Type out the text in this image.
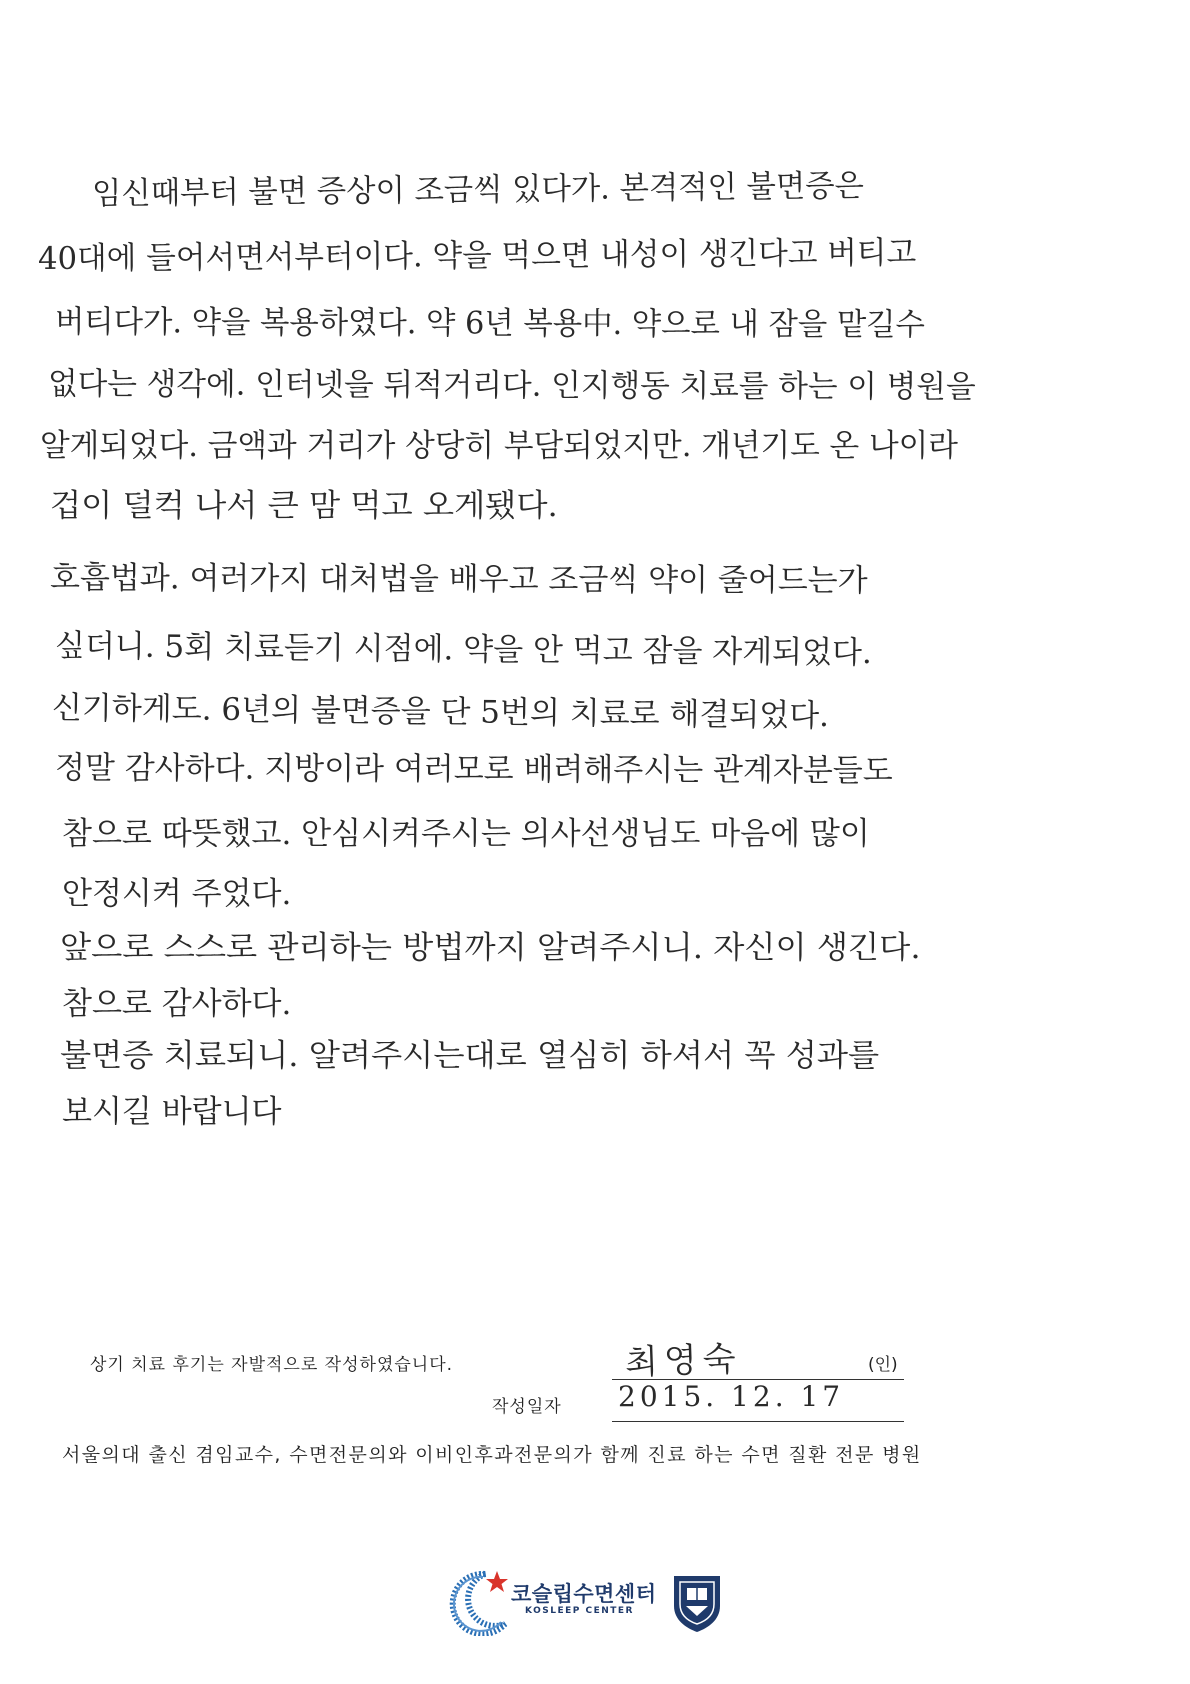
임신때부터 불면 증상이 조금씩 있다가. 본격적인 불면증은
40대에 들어서면서부터이다. 약을 먹으면 내성이 생긴다고 버티고
버티다가. 약을 복용하였다. 약 6년 복용中. 약으로 내 잠을 맡길수
없다는 생각에. 인터넷을 뒤적거리다. 인지행동 치료를 하는 이 병원을
알게되었다. 금액과 거리가 상당히 부담되었지만. 개년기도 온 나이라
겁이 덜컥 나서 큰 맘 먹고 오게됐다.
호흡법과. 여러가지 대처법을 배우고 조금씩 약이 줄어드는가
싶더니. 5회 치료듣기 시점에. 약을 안 먹고 잠을 자게되었다.
신기하게도. 6년의 불면증을 단 5번의 치료로 해결되었다.
정말 감사하다. 지방이라 여러모로 배려해주시는 관계자분들도
참으로 따뜻했고. 안심시켜주시는 의사선생님도 마음에 많이
안정시켜 주었다.
앞으로 스스로 관리하는 방법까지 알려주시니. 자신이 생긴다.
참으로 감사하다.
불면증 치료되니. 알려주시는대로 열심히 하셔서 꼭 성과를
보시길 바랍니다
상기 치료 후기는 자발적으로 작성하였습니다.	최영숙	(인)
작성일자 2015. 12. 17
서울의대 출신 겸임교수, 수면전문의와 이비인후과전문의가 함께 진료 하는 수면 질환 전문 병원
코슬립수면센터
KOSLEEP CENTER
